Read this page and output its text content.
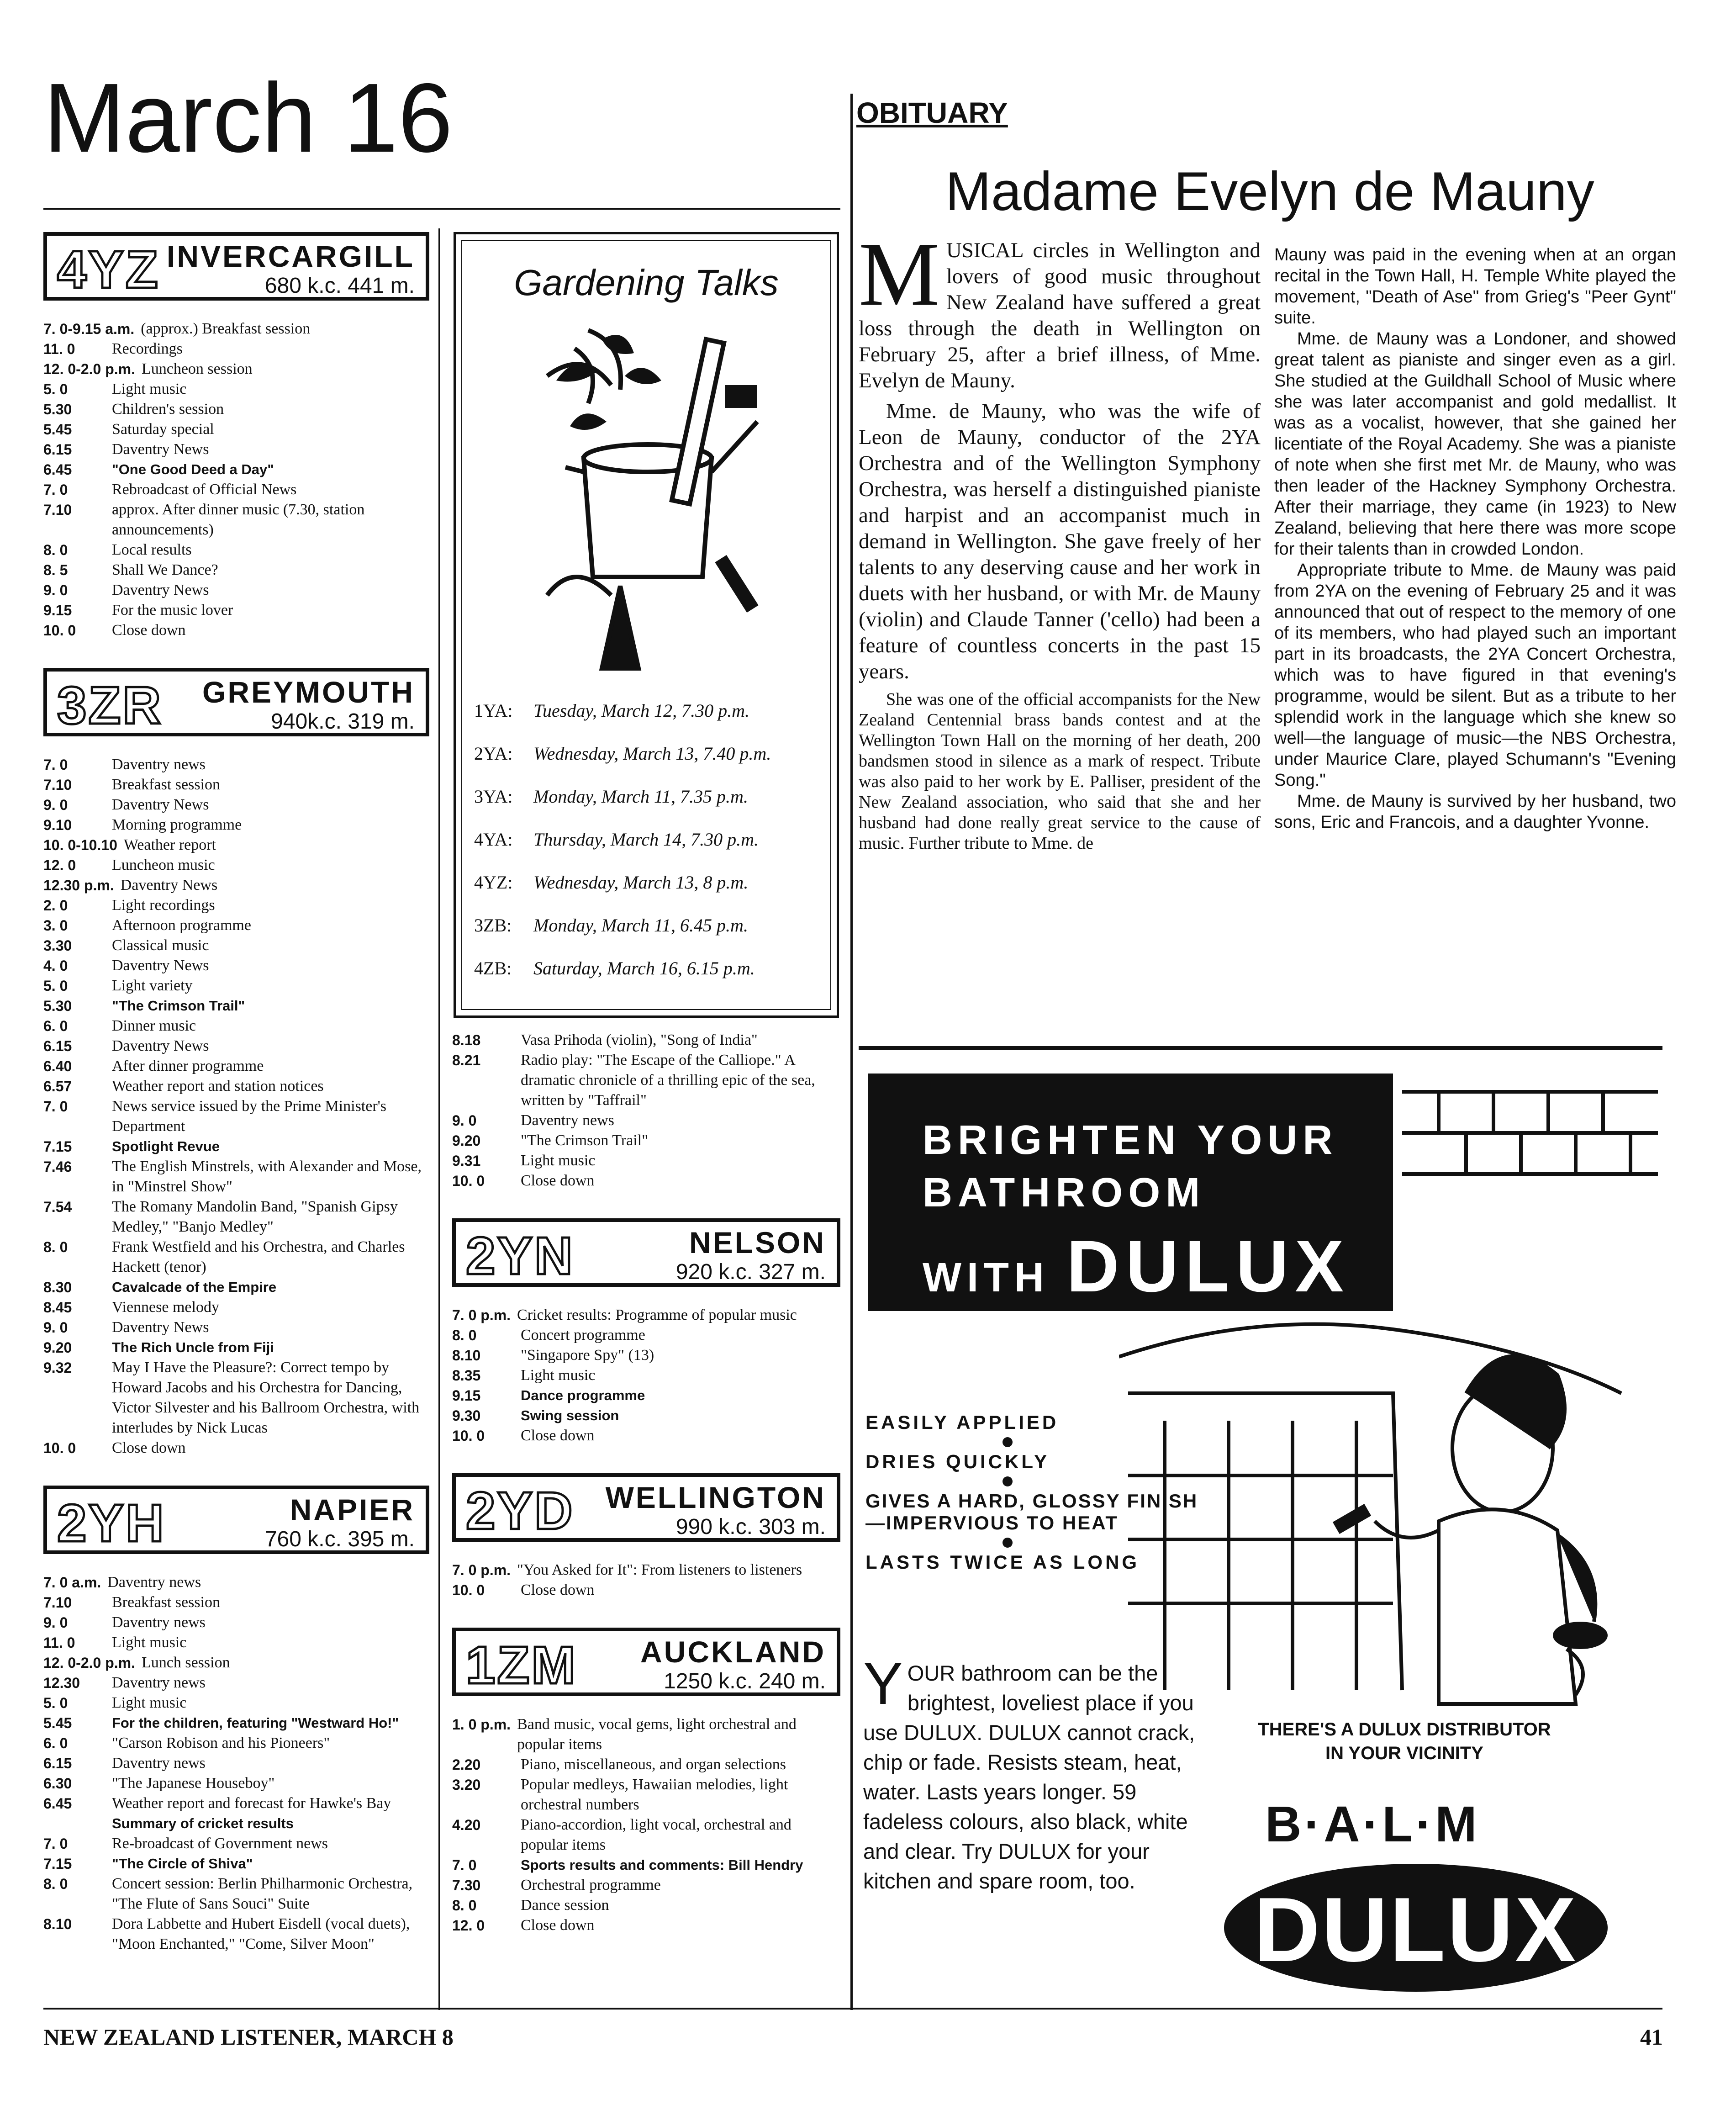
March 16
4YZ INVERCARGILL
680 k.c. 441 m.
7. 0-9.15 a.m. (approx.) Breakfast session
11. 0	Recordings
12. 0-2.0 p.m. Luncheon session
5. 0	Light music
5.30	Children's session
5.45	Saturday special
6.15	Daventry News
6.45	"One Good Deed a Day"
7. 0	Rebroadcast of Official News
7.10	approx. After dinner music (7.30, station announcements)
8. 0	Local results
8. 5	Shall We Dance?
9. 0	Daventry News
9.15	For the music lover
10. 0	Close down
3ZR GREYMOUTH
940k.c. 319 m.
7. 0	Daventry news
7.10	Breakfast session
9. 0	Daventry News
9.10	Morning programme
10. 0-10.10 Weather report
12. 0	Luncheon music
12.30 p.m. Daventry News
2. 0	Light recordings
3. 0	Afternoon programme
3.30	Classical music
4. 0	Daventry News
5. 0	Light variety
5.30	"The Crimson Trail"
6. 0	Dinner music
6.15	Daventry News
6.40	After dinner programme
6.57	Weather report and station notices
7. 0	News service issued by the Prime Minister's Department
7.15	Spotlight Revue
7.46	The English Minstrels, with Alexander and Mose, in "Minstrel Show"
7.54	The Romany Mandolin Band, "Spanish Gipsy Medley," "Banjo Medley"
8. 0	Frank Westfield and his Orchestra, and Charles Hackett (tenor)
8.30	Cavalcade of the Empire
8.45	Viennese melody
9. 0	Daventry News
9.20	The Rich Uncle from Fiji
9.32	May I Have the Pleasure?: Correct tempo by Howard Jacobs and his Orchestra for Dancing, Victor Silvester and his Ballroom Orchestra, with interludes by Nick Lucas
10. 0	Close down
2YH	NAPIER
760 k.c. 395 m.
7. 0 a.m. Daventry news
7.10	Breakfast session
9. 0	Daventry news
11. 0	Light music
12. 0-2.0 p.m. Lunch session
12.30	Daventry news
5. 0	Light music
5.45	For the children, featuring "Westward Ho!"
6. 0	"Carson Robison and his Pioneers"
6.15	Daventry news
6.30	"The Japanese Houseboy"
6.45	Weather report and forecast for Hawke's Bay
Summary of cricket results
7. 0	Re-broadcast of Government news
7.15	"The Circle of Shiva"
8. 0	Concert session: Berlin Philharmonic Orchestra, "The Flute of Sans Souci" Suite
8.10	Dora Labbette and Hubert Eisdell (vocal duets), "Moon Enchanted," "Come, Silver Moon"
Gardening Talks
1YA:	Tuesday, March 12, 7.30 p.m.
2YA:	Wednesday, March 13, 7.40 p.m.
3YA:	Monday, March 11, 7.35 p.m.
4YA:	Thursday, March 14, 7.30 p.m.
4YZ:	Wednesday, March 13, 8 p.m.
3ZB:	Monday, March 11, 6.45 p.m.
4ZB:	Saturday, March 16, 6.15 p.m.
8.18	Vasa Prihoda (violin), "Song of India"
8.21	Radio play: "The Escape of the Calliope." A dramatic chronicle of a thrilling epic of the sea, written by "Taffrail"
9. 0	Daventry news
9.20	"The Crimson Trail"
9.31	Light music
10. 0	Close down
2YN	NELSON
920 k.c. 327 m.
7. 0 p.m. Cricket results: Programme of popular music
8. 0	Concert programme
8.10	"Singapore Spy" (13)
8.35	Light music
9.15	Dance programme
9.30	Swing session
10. 0	Close down
2YD WELLINGTON
990 k.c. 303 m.
7. 0 p.m. "You Asked for It": From listeners to listeners
10. 0	Close down
1ZM AUCKLAND
1250 k.c. 240 m.
1. 0 p.m. Band music, vocal gems, light orchestral and popular items
2.20	Piano, miscellaneous, and organ selections
3.20	Popular medleys, Hawaiian melodies, light orchestral numbers
4.20	Piano-accordion, light vocal, orchestral and popular items
7. 0	Sports results and comments: Bill Hendry
7.30	Orchestral programme
8. 0	Dance session
12. 0	Close down
OBITUARY
Madame Evelyn de Mauny

MUSICAL circles in Wellington and lovers of good music throughout New Zealand have suffered a great loss through the death in Wellington on February 25, after a brief illness, of Mme. Evelyn de Mauny.

Mme. de Mauny, who was the wife of Leon de Mauny, conductor of the 2YA Orchestra and of the Wellington Symphony Orchestra, was herself a distinguished pianiste and harpist and an accompanist much in demand in Wellington. She gave freely of her talents to any deserving cause and her work in duets with her husband, or with Mr. de Mauny (violin) and Claude Tanner ('cello) had been a feature of countless concerts in the past 15 years.

She was one of the official accompanists for the New Zealand Centennial brass bands contest and at the Wellington Town Hall on the morning of her death, 200 bandsmen stood in silence as a mark of respect. Tribute was also paid to her work by E. Palliser, president of the New Zealand association, who said that she and her husband had done really great service to the cause of music. Further tribute to Mme. de

Mauny was paid in the evening when at an organ recital in the Town Hall, H. Temple White played the movement, "Death of Ase" from Grieg's "Peer Gynt" suite.

Mme. de Mauny was a Londoner, and showed great talent as pianiste and singer even as a girl. She studied at the Guildhall School of Music where she was later accompanist and gold medallist. It was as a vocalist, however, that she gained her licentiate of the Royal Academy. She was a pianiste of note when she first met Mr. de Mauny, who was then leader of the Hackney Symphony Orchestra. After their marriage, they came (in 1923) to New Zealand, believing that here there was more scope for their talents than in crowded London.

Appropriate tribute to Mme. de Mauny was paid from 2YA on the evening of February 25 and it was announced that out of respect to the memory of one of its members, who had played such an important part in its broadcasts, the 2YA Concert Orchestra, which was to have figured in that evening's programme, would be silent. But as a tribute to her splendid work in the language which she knew so well—the language of music—the NBS Orchestra, under Maurice Clare, played Schumann's "Evening Song."

Mme. de Mauny is survived by her husband, two sons, Eric and Francois, and a daughter Yvonne.

BRIGHTEN YOUR
BATHROOM
WITH DULUX
EASILY APPLIED
DRIES QUICKLY
GIVES A HARD, GLOSSY FINISH—IMPERVIOUS TO HEAT
LASTS TWICE AS LONG
YOUR bathroom can be the brightest, loveliest place if you use DULUX. DULUX cannot crack, chip or fade. Resists steam, heat, water. Lasts years longer. 59 fadeless colours, also black, white and clear. Try DULUX for your kitchen and spare room, too.
THERE'S A DULUX DISTRIBUTOR
IN YOUR VICINITY
B·A·L·M
DULUX
NEW ZEALAND LISTENER, MARCH 8	41
